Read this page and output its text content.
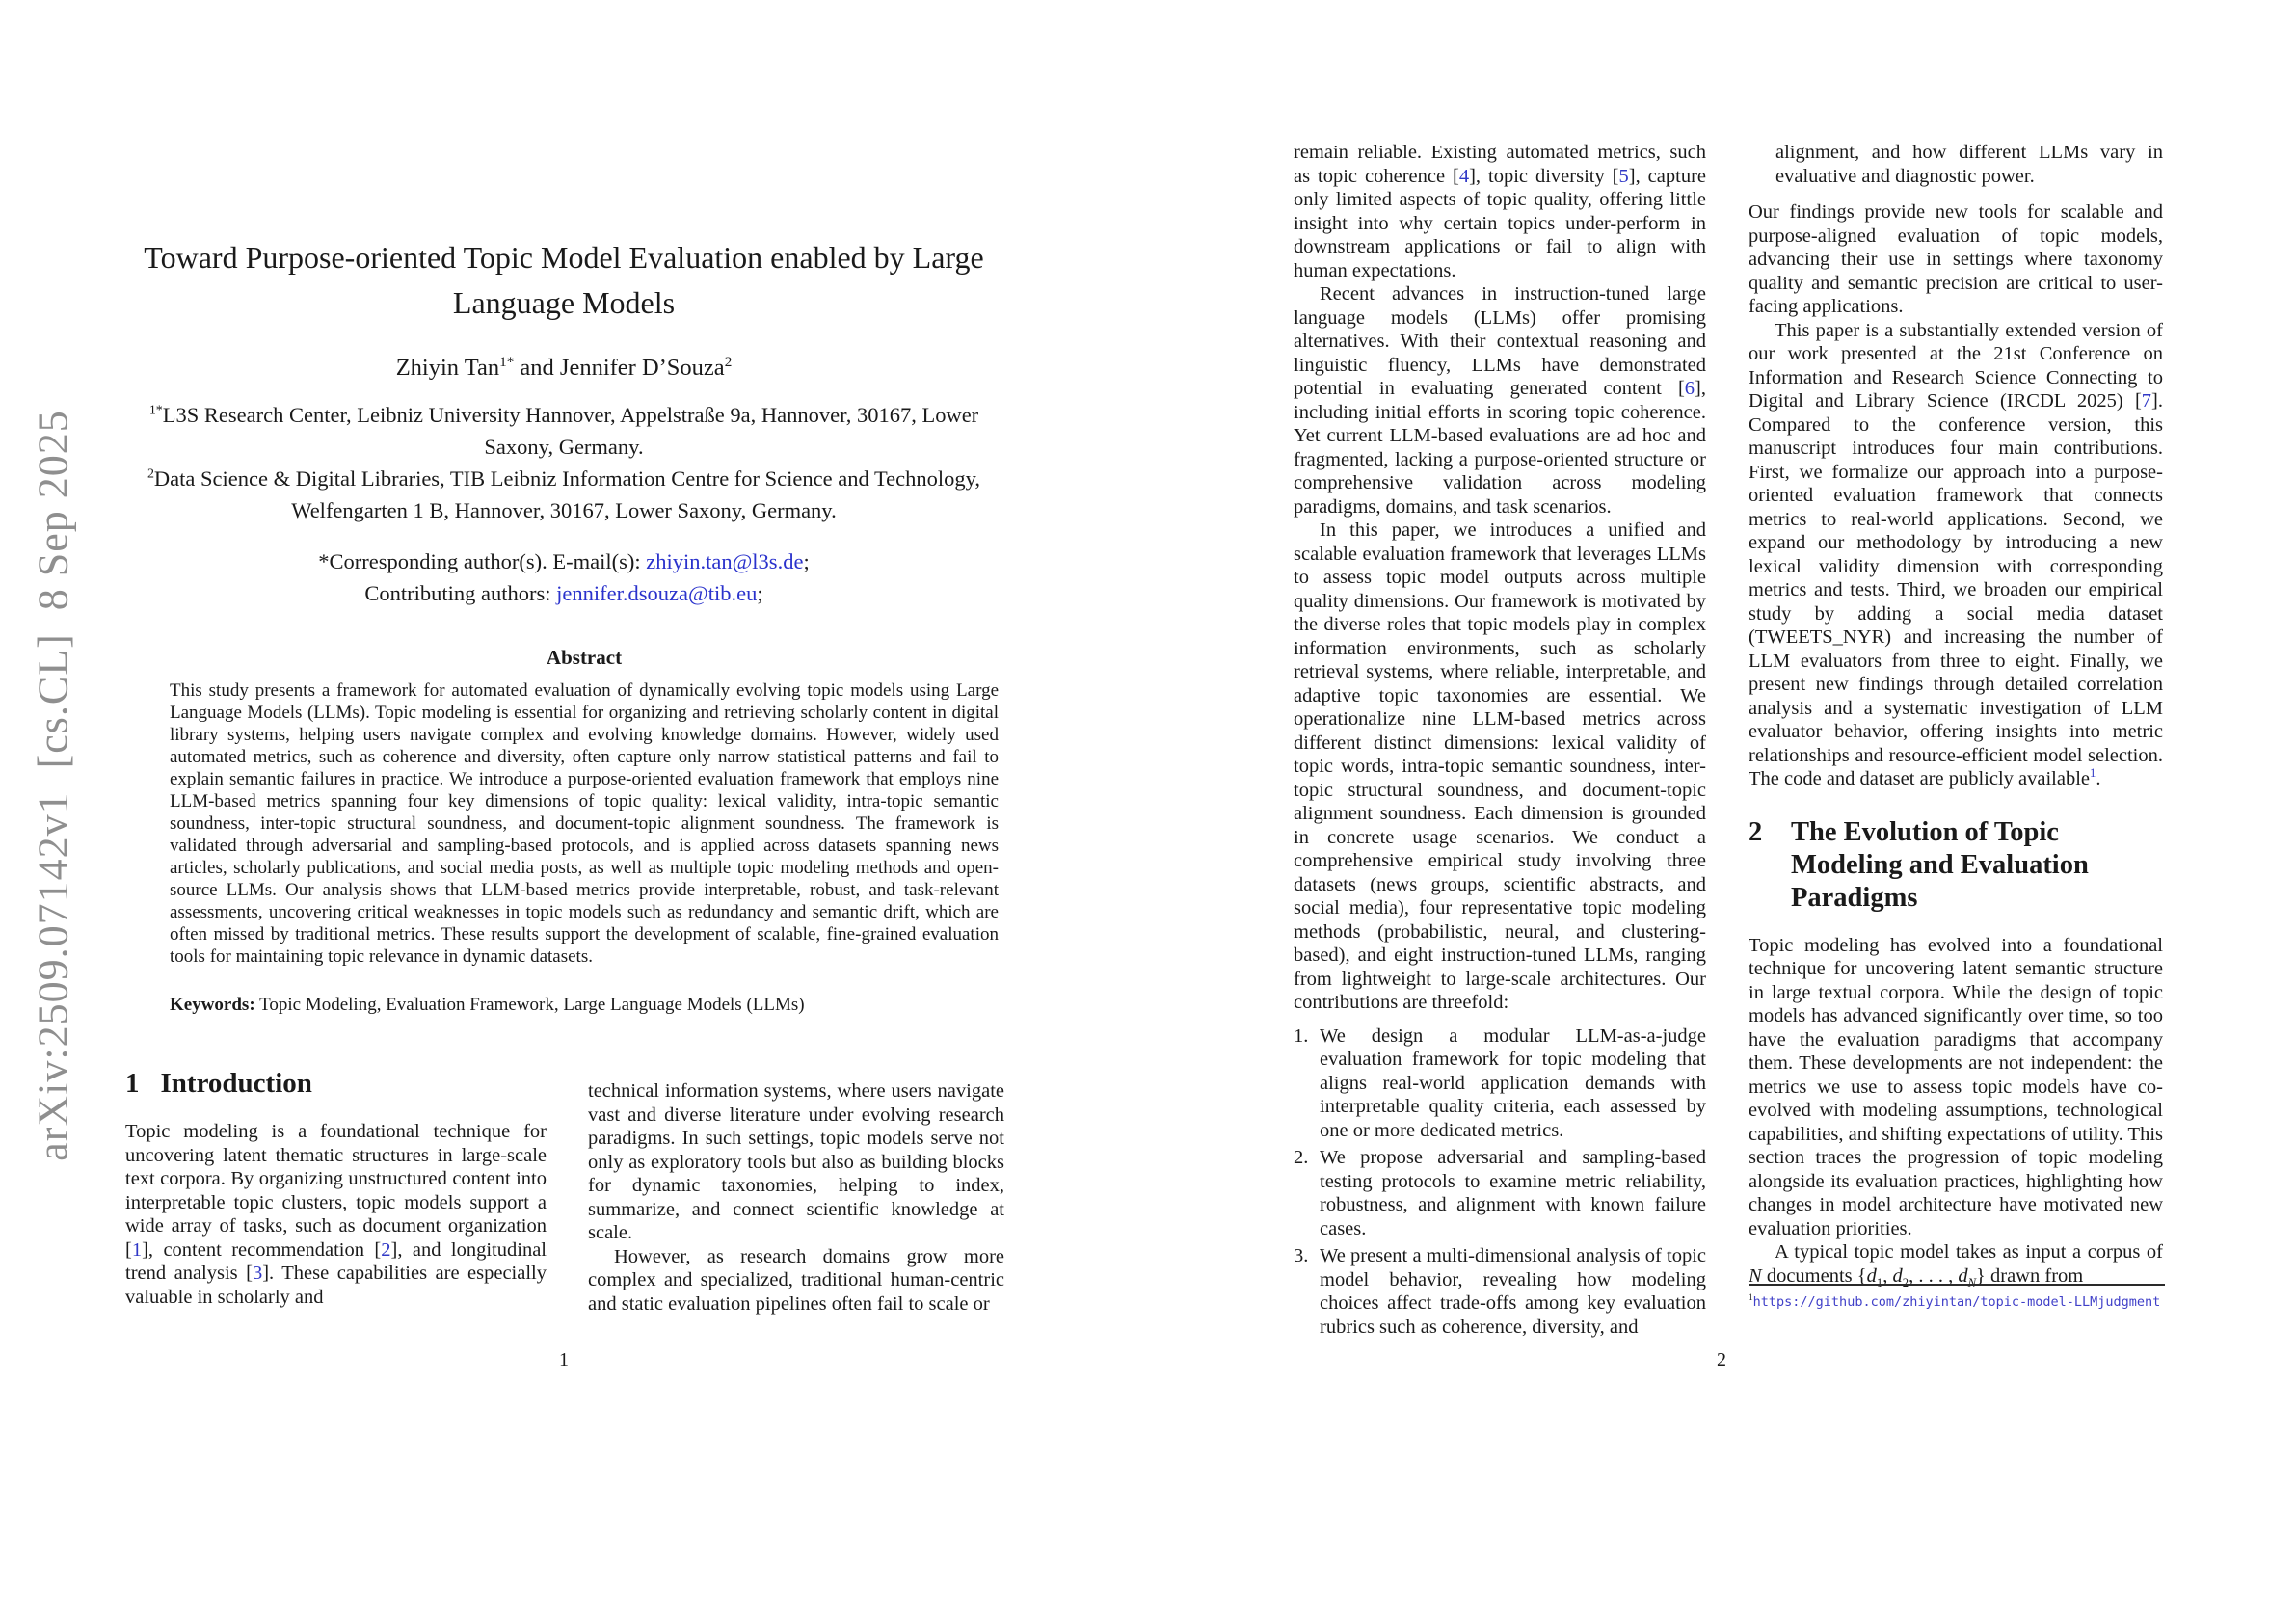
arXiv:2509.07142v1  [cs.CL]  8 Sep 2025
Toward Purpose-oriented Topic Model Evaluation enabled by Large Language Models
Zhiyin Tan$^{1*}$ and Jennifer D’Souza$^2$

$^{1*}$L3S Research Center, Leibniz University Hannover, Appelstraße 9a, Hannover, 30167, Lower Saxony, Germany.

$^2$Data Science & Digital Libraries, TIB Leibniz Information Centre for Science and Technology, Welfengarten 1 B, Hannover, 30167, Lower Saxony, Germany.

*Corresponding author(s). E-mail(s): zhiyin.tan@l3s.de;

Contributing authors: jennifer.dsouza@tib.eu;

Abstract

This study presents a framework for automated evaluation of dynamically evolving topic models using Large Language Models (LLMs). Topic modeling is essential for organizing and retrieving scholarly content in digital library systems, helping users navigate complex and evolving knowledge domains. However, widely used automated metrics, such as coherence and diversity, often capture only narrow statistical patterns and fail to explain semantic failures in practice. We introduce a purpose-oriented evaluation framework that employs nine LLM-based metrics spanning four key dimensions of topic quality: lexical validity, intra-topic semantic soundness, inter-topic structural soundness, and document-topic alignment soundness. The framework is validated through adversarial and sampling-based protocols, and is applied across datasets spanning news articles, scholarly publications, and social media posts, as well as multiple topic modeling methods and open-source LLMs. Our analysis shows that LLM-based metrics provide interpretable, robust, and task-relevant assessments, uncovering critical weaknesses in topic models such as redundancy and semantic drift, which are often missed by traditional metrics. These results support the development of scalable, fine-grained evaluation tools for maintaining topic relevance in dynamic datasets.

Keywords: Topic Modeling, Evaluation Framework, Large Language Models (LLMs)

1 Introduction

Topic modeling is a foundational technique for uncovering latent thematic structures in large-scale text corpora. By organizing unstructured content into interpretable topic clusters, topic models support a wide array of tasks, such as document organization [1], content recommendation [2], and longitudinal trend analysis [3]. These capabilities are especially valuable in scholarly and

technical information systems, where users navigate vast and diverse literature under evolving research paradigms. In such settings, topic models serve not only as exploratory tools but also as building blocks for dynamic taxonomies, helping to index, summarize, and connect scientific knowledge at scale.

However, as research domains grow more complex and specialized, traditional human-centric and static evaluation pipelines often fail to scale or

1

remain reliable. Existing automated metrics, such as topic coherence [4], topic diversity [5], capture only limited aspects of topic quality, offering little insight into why certain topics under-perform in downstream applications or fail to align with human expectations.

Recent advances in instruction-tuned large language models (LLMs) offer promising alternatives. With their contextual reasoning and linguistic fluency, LLMs have demonstrated potential in evaluating generated content [6], including initial efforts in scoring topic coherence. Yet current LLM-based evaluations are ad hoc and fragmented, lacking a purpose-oriented structure or comprehensive validation across modeling paradigms, domains, and task scenarios.

In this paper, we introduces a unified and scalable evaluation framework that leverages LLMs to assess topic model outputs across multiple quality dimensions. Our framework is motivated by the diverse roles that topic models play in complex information environments, such as scholarly retrieval systems, where reliable, interpretable, and adaptive topic taxonomies are essential. We operationalize nine LLM-based metrics across different distinct dimensions: lexical validity of topic words, intra-topic semantic soundness, inter-topic structural soundness, and document-topic alignment soundness. Each dimension is grounded in concrete usage scenarios. We conduct a comprehensive empirical study involving three datasets (news groups, scientific abstracts, and social media), four representative topic modeling methods (probabilistic, neural, and clustering-based), and eight instruction-tuned LLMs, ranging from lightweight to large-scale architectures. Our contributions are threefold:

1. We design a modular LLM-as-a-judge evaluation framework for topic modeling that aligns real-world application demands with interpretable quality criteria, each assessed by one or more dedicated metrics.
2. We propose adversarial and sampling-based testing protocols to examine metric reliability, robustness, and alignment with known failure cases.
3. We present a multi-dimensional analysis of topic model behavior, revealing how modeling choices affect trade-offs among key evaluation rubrics such as coherence, diversity, and
alignment, and how different LLMs vary in evaluative and diagnostic power.

Our findings provide new tools for scalable and purpose-aligned evaluation of topic models, advancing their use in settings where taxonomy quality and semantic precision are critical to user-facing applications.

This paper is a substantially extended version of our work presented at the 21st Conference on Information and Research Science Connecting to Digital and Library Science (IRCDL 2025) [7]. Compared to the conference version, this manuscript introduces four main contributions. First, we formalize our approach into a purpose-oriented evaluation framework that connects metrics to real-world applications. Second, we expand our methodology by introducing a new lexical validity dimension with corresponding metrics and tests. Third, we broaden our empirical study by adding a social media dataset (TWEETS_NYR) and increasing the number of LLM evaluators from three to eight. Finally, we present new findings through detailed correlation analysis and a systematic investigation of LLM evaluator behavior, offering insights into metric relationships and resource-efficient model selection. The code and dataset are publicly available$^1$.

2	The Evolution of Topic Modeling and Evaluation Paradigms

Topic modeling has evolved into a foundational technique for uncovering latent semantic structure in large textual corpora. While the design of topic models has advanced significantly over time, so too have the evaluation paradigms that accompany them. These developments are not independent: the metrics we use to assess topic models have co-evolved with modeling assumptions, technological capabilities, and shifting expectations of utility. This section traces the progression of topic modeling alongside its evaluation practices, highlighting how changes in model architecture have motivated new evaluation priorities.

A typical topic model takes as input a corpus of N documents {$d_1$, $d_2$, . . . , $d_N$} drawn from

$^1$https://github.com/zhiyintan/topic-model-LLMjudgment
2
